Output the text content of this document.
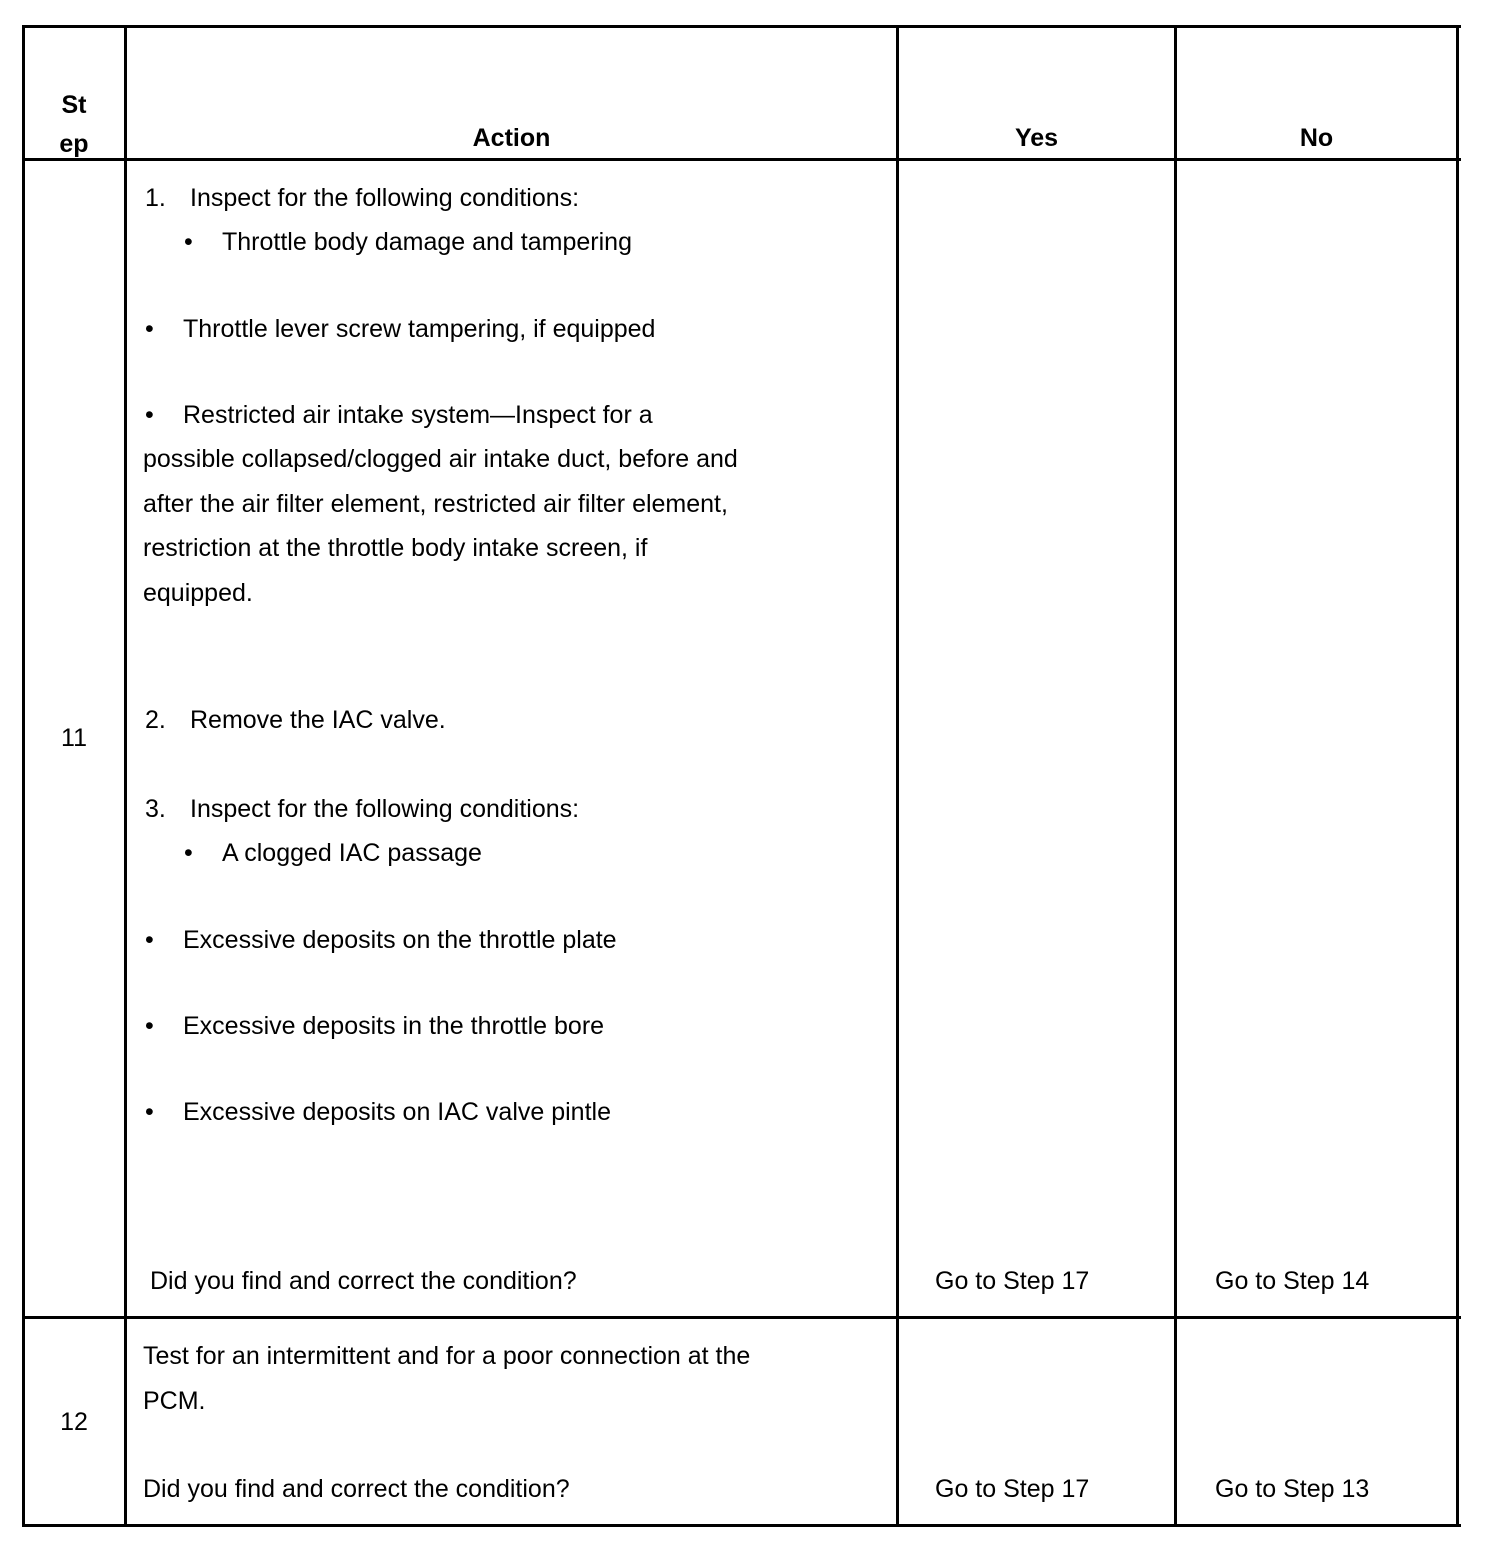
St
ep	Action	Yes	No
11
1. Inspect for the following conditions:
• Throttle body damage and tampering
• Throttle lever screw tampering, if equipped
• Restricted air intake system—Inspect for a
possible collapsed/clogged air intake duct, before and
after the air filter element, restricted air filter element,
restriction at the throttle body intake screen, if
equipped.
2. Remove the IAC valve.
3. Inspect for the following conditions:
• A clogged IAC passage
• Excessive deposits on the throttle plate
• Excessive deposits in the throttle bore
• Excessive deposits on IAC valve pintle
Did you find and correct the condition?	Go to Step 17	Go to Step 14
12
Test for an intermittent and for a poor connection at the
PCM.
Did you find and correct the condition?	Go to Step 17	Go to Step 13
